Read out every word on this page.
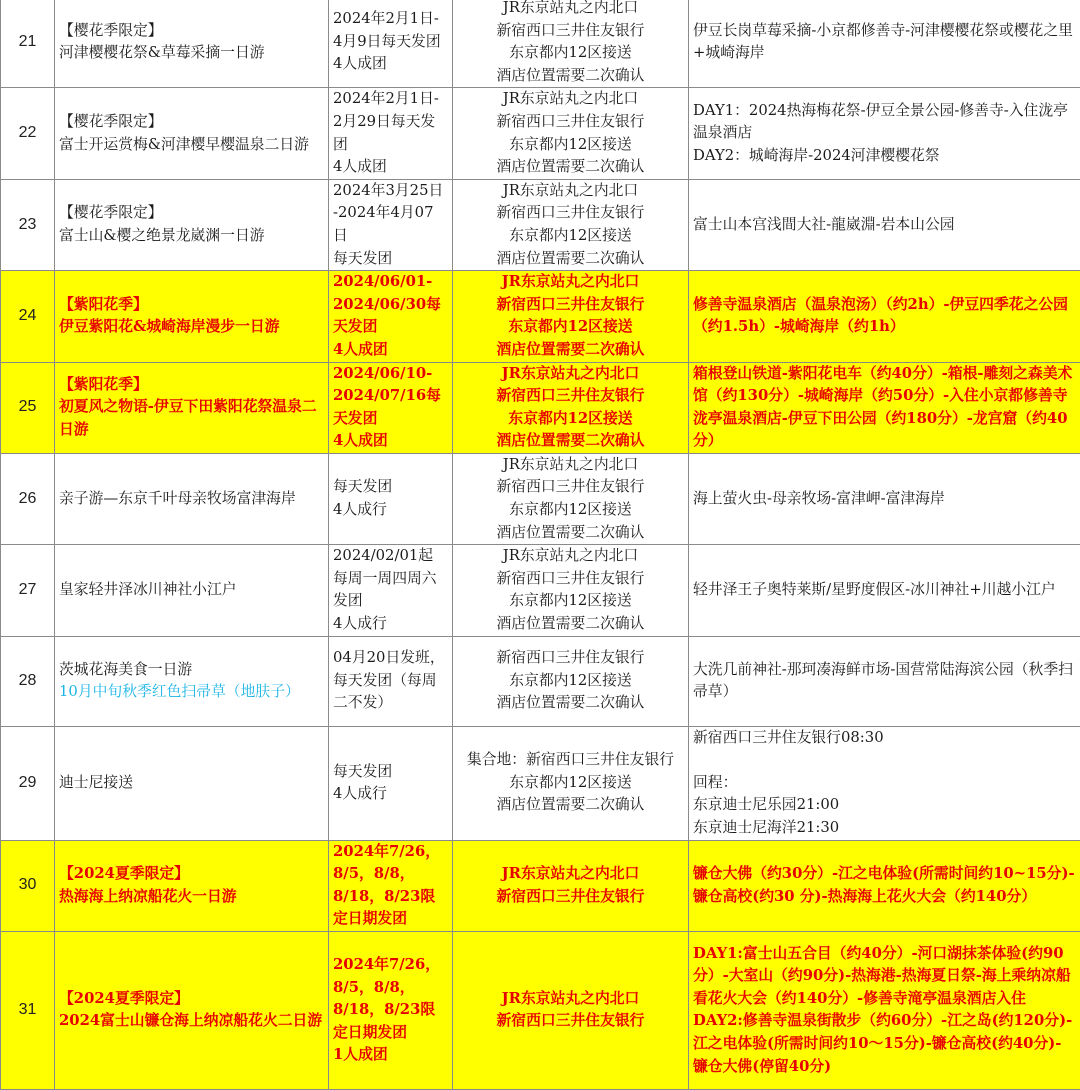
21	【樱花季限定】
河津樱樱花祭&草莓采摘一日游	2024年2月1日-
4月9日每天发团
4人成团	JR东京站丸之内北口
新宿西口三井住友银行
东京都内12区接送
酒店位置需要二次确认	伊豆长岗草莓采摘-小京都修善寺-河津樱樱花祭或樱花之里+城崎海岸
22	【樱花季限定】
富士开运赏梅&河津樱早樱温泉二日游	2024年2月1日-
2月29日每天发团
4人成团	JR东京站丸之内北口
新宿西口三井住友银行
东京都内12区接送
酒店位置需要二次确认	DAY1：2024热海梅花祭-伊豆全景公园-修善寺-入住泷亭温泉酒店
DAY2：城崎海岸-2024河津樱樱花祭
23	【樱花季限定】
富士山&樱之绝景龙崴渊一日游	2024年3月25日
-2024年4月07日
每天发团	JR东京站丸之内北口
新宿西口三井住友银行
东京都内12区接送
酒店位置需要二次确认	富士山本宫浅間大社-龍崴淵-岩本山公园
24	【紫阳花季】
伊豆紫阳花&城崎海岸漫步一日游	2024/06/01-
2024/06/30每天发团
4人成团	JR东京站丸之内北口
新宿西口三井住友银行
东京都内12区接送
酒店位置需要二次确认	修善寺温泉酒店（温泉泡汤）（约2h）-伊豆四季花之公园（约1.5h）-城崎海岸（约1h）
25	【紫阳花季】
初夏风之物语-伊豆下田紫阳花祭温泉二日游	2024/06/10-
2024/07/16每天发团
4人成团	JR东京站丸之内北口
新宿西口三井住友银行
东京都内12区接送
酒店位置需要二次确认	箱根登山铁道-紫阳花电车（约40分）-箱根-雕刻之森美术馆（约130分）-城崎海岸（约50分）-入住小京都修善寺泷亭温泉酒店-伊豆下田公园（约180分）-龙宫窟（约40分）
26	亲子游—东京千叶母亲牧场富津海岸	每天发团
4人成行	JR东京站丸之内北口
新宿西口三井住友银行
东京都内12区接送
酒店位置需要二次确认	海上萤火虫-母亲牧场-富津岬-富津海岸
27	皇家轻井泽冰川神社小江户	2024/02/01起
每周一周四周六发团
4人成行	JR东京站丸之内北口
新宿西口三井住友银行
东京都内12区接送
酒店位置需要二次确认	轻井泽王子奥特莱斯/星野度假区-冰川神社+川越小江户
28	茨城花海美食一日游
10月中旬秋季红色扫帚草（地肤子）	04月20日发班，每天发团（每周二不发）	新宿西口三井住友银行
东京都内12区接送
酒店位置需要二次确认	大洗几前神社-那珂凑海鲜市场-国营常陆海滨公园（秋季扫帚草）
29	迪士尼接送	每天发团
4人成行	集合地：新宿西口三井住友银行
东京都内12区接送
酒店位置需要二次确认	新宿西口三井住友银行08:30

回程：
东京迪士尼乐园21:00
东京迪士尼海洋21:30
30	【2024夏季限定】
热海海上纳凉船花火一日游	2024年7/26，
8/5，8/8，
8/18，8/23限定日期发团	JR东京站丸之内北口
新宿西口三井住友银行	镰仓大佛（约30分）-江之电体验(所需时间约10~15分)-镰仓高校(约30 分)-热海海上花火大会（约140分）
31	【2024夏季限定】
2024富士山镰仓海上纳凉船花火二日游	2024年7/26，
8/5，8/8，
8/18，8/23限定日期发团
1人成团	JR东京站丸之内北口
新宿西口三井住友银行	DAY1:富士山五合目（约40分）-河口湖抹茶体验(约90分）-大室山（约90分)-热海港-热海夏日祭-海上乘纳凉船看花火大会（约140分）-修善寺滝亭温泉酒店入住
DAY2:修善寺温泉街散步（约60分）-江之岛(约120分)-江之电体验(所需时间约10～15分)-镰仓高校(约40分)-镰仓大佛(停留40分)
